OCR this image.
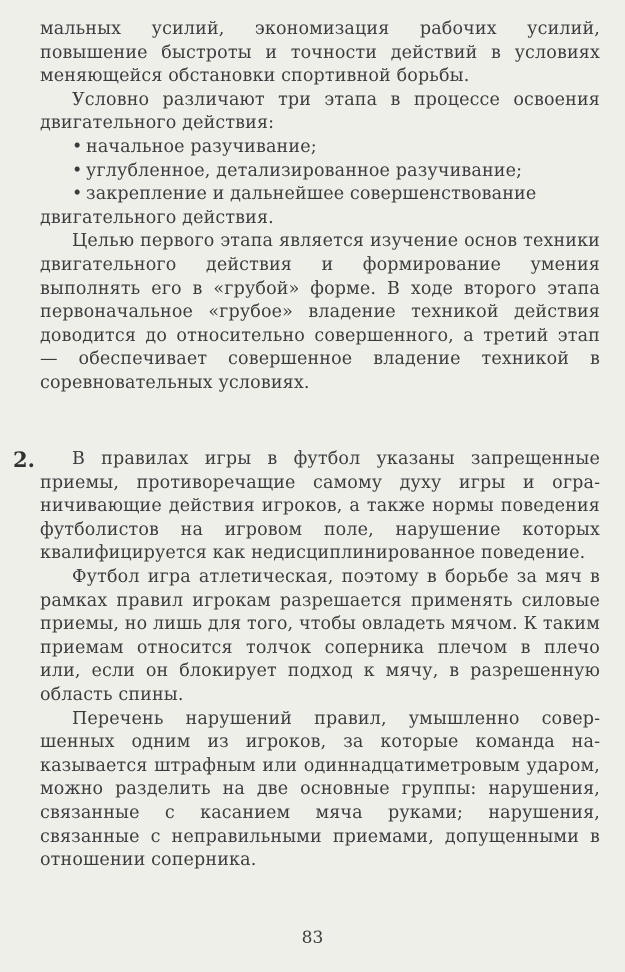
мальных усилий, экономизация рабочих усилий, повышение быстроты и точности действий в условиях меняющейся обстановки спортивной борьбы.

Условно различают три этапа в процессе освоения двигательного действия:

• начальное разучивание;

• углубленное, детализированное разучивание;

• закрепление и дальнейшее совершенствование

двигательного действия.

Целью первого этапа является изучение основ техники двигательного действия и формирование умения выполнять его в «грубой» форме. В ходе второго этапа первоначальное «грубое» владение техникой действия доводится до относительно совершенного, а третий этап — обеспечивает совершенное владение техникой в соревновательных условиях.

2.	В правилах игры в футбол указаны запрещенные приемы, противоречащие самому духу игры и ограничивающие действия игроков, а также нормы поведения футболистов на игровом поле, нарушение которых квалифицируется как недисциплинированное поведение.

Футбол игра атлетическая, поэтому в борьбе за мяч в рамках правил игрокам разрешается применять силовые приемы, но лишь для того, чтобы овладеть мячом. К таким приемам относится толчок соперника плечом в плечо или, если он блокирует подход к мячу, в разрешенную область спины.

Перечень нарушений правил, умышленно совершенных одним из игроков, за которые команда наказывается штрафным или одиннадцатиметровым ударом, можно разделить на две основные группы: нарушения, связанные с касанием мяча руками; нарушения, связанные с неправильными приемами, допущенными в отношении соперника.

83
